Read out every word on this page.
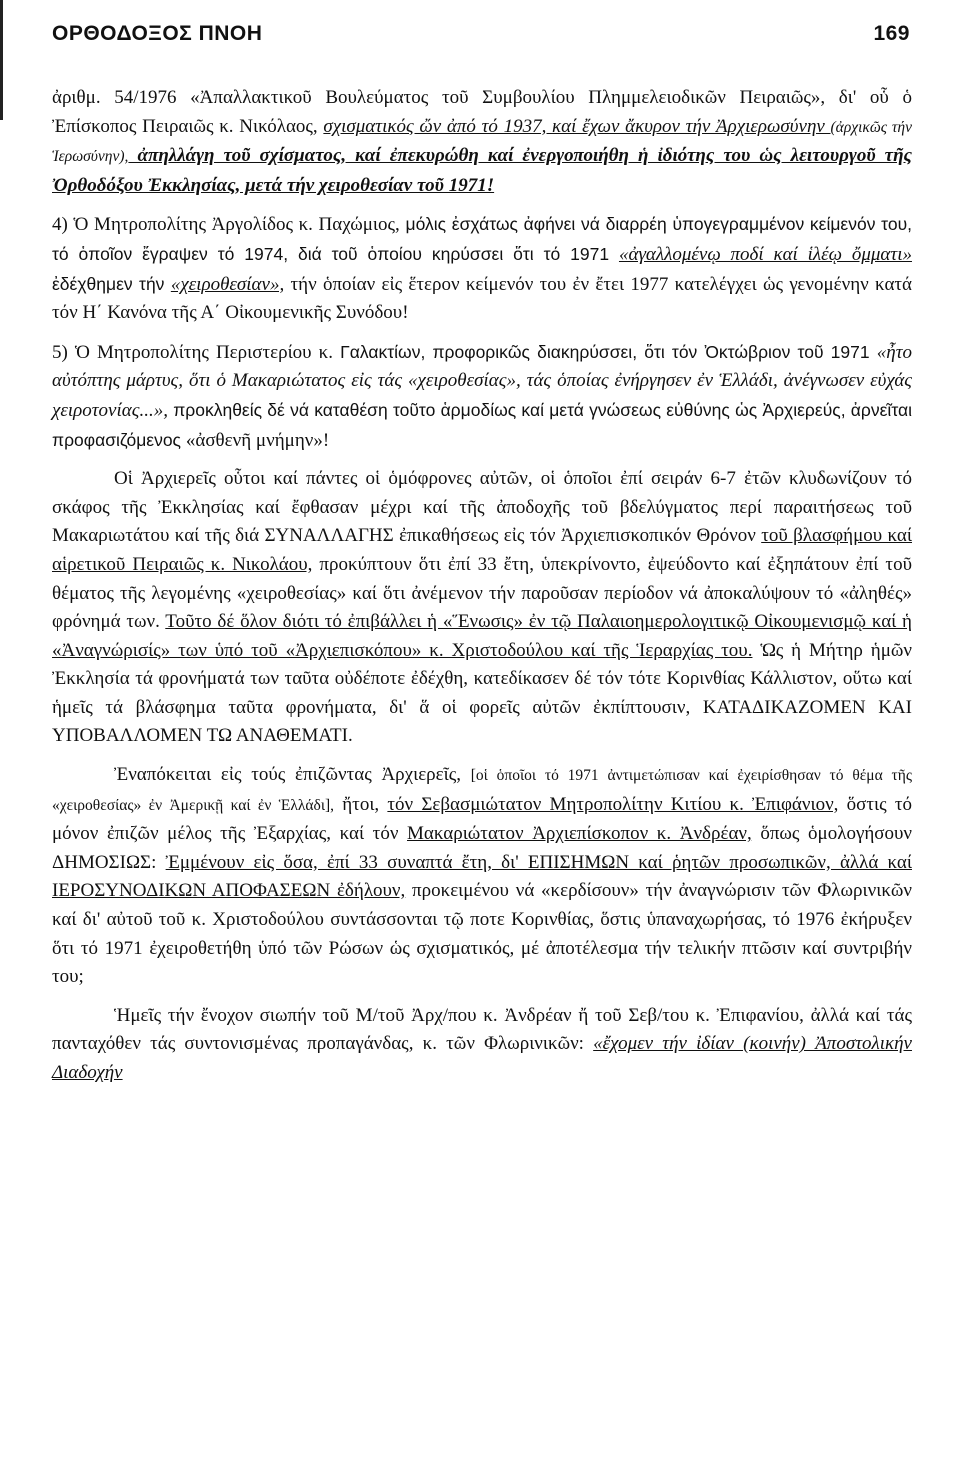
ΟΡΘΟΔΟΞΟΣ ΠΝΟΗ	169

ἀριθμ. 54/1976 «Ἀπαλλακτικοῦ Βουλεύματος τοῦ Συμβουλίου Πλημμελειοδικῶν Πειραιῶς», δι' οὗ ὁ Ἐπίσκοπος Πειραιῶς κ. Νικόλαος, σχισματικός ὤν ἀπό τό 1937, καί ἔχων ἄκυρον τήν Ἀρχιερωσύνην (ἀρχικῶς τήν Ἱερωσύνην), ἀπηλλάγη τοῦ σχίσματος, καί ἐπεκυρώθη καί ἐνεργοποιήθη ἡ ἰδιότης του ὡς λειτουργοῦ τῆς Ὀρθοδόξου Ἐκκλησίας, μετά τήν χειροθεσίαν τοῦ 1971!

4) Ὁ Μητροπολίτης Ἀργολίδος κ. Παχώμιος, μόλις ἐσχάτως ἀφήνει νά διαρρέη ὑπογεγραμμένον κείμενόν του, τό ὁποῖον ἔγραψεν τό 1974, διά τοῦ ὁποίου κηρύσσει ὅτι τό 1971 «ἀγαλλομένῳ ποδί καί ἱλέῳ ὄμματι» ἐδέχθημεν τήν «χειροθεσίαν», τήν ὁποίαν εἰς ἕτερον κείμενόν του ἐν ἔτει 1977 κατελέγχει ὡς γενομένην κατά τόν Η΄ Κανόνα τῆς Α΄ Οἰκουμενικῆς Συνόδου!

5) Ὁ Μητροπολίτης Περιστερίου κ. Γαλακτίων, προφορικῶς διακηρύσσει, ὅτι τόν Ὀκτώβριον τοῦ 1971 «ἦτο αὐτόπτης μάρτυς, ὅτι ὁ Μακαριώτατος εἰς τάς «χειροθεσίας», τάς ὁποίας ἐνήργησεν ἐν Ἑλλάδι, ἀνέγνωσεν εὐχάς χειροτονίας...», προκληθείς δέ νά καταθέση τοῦτο ἁρμοδίως καί μετά γνώσεως εὐθύνης ὡς Ἀρχιερεύς, ἀρνεῖται προφασιζόμενος «ἀσθενῆ μνήμην»!

Οἱ Ἀρχιερεῖς οὗτοι καί πάντες οἱ ὁμόφρονες αὐτῶν, οἱ ὁποῖοι ἐπί σειράν 6-7 ἐτῶν κλυδωνίζουν τό σκάφος τῆς Ἐκκλησίας καί ἔφθασαν μέχρι καί τῆς ἀποδοχῆς τοῦ βδελύγματος περί παραιτήσεως τοῦ Μακαριωτάτου καί τῆς διά ΣΥΝΑΛΛΑΓΗΣ ἐπικαθήσεως εἰς τόν Ἀρχιεπισκοπικόν Θρόνον τοῦ βλασφήμου καί αἱρετικοῦ Πειραιῶς κ. Νικολάου, προκύπτουν ὅτι ἐπί 33 ἔτη, ὑπεκρίνοντο, ἐψεύδοντο καί ἐξηπάτουν ἐπί τοῦ θέματος τῆς λεγομένης «χειροθεσίας» καί ὅτι ἀνέμενον τήν παροῦσαν περίοδον νά ἀποκαλύψουν τό «ἀληθές» φρόνημά των. Τοῦτο δέ ὅλον διότι τό ἐπιβάλλει ἡ «Ἕνωσις» ἐν τῷ Παλαιοημερολογιτικῷ Οἰκουμενισμῷ καί ἡ «Ἀναγνώρισίς» των ὑπό τοῦ «Ἀρχιεπισκόπου» κ. Χριστοδούλου καί τῆς Ἱεραρχίας του. Ὡς ἡ Μήτηρ ἡμῶν Ἐκκλησία τά φρονήματά των ταῦτα οὐδέποτε ἐδέχθη, κατεδίκασεν δέ τόν τότε Κορινθίας Κάλλιστον, οὕτω καί ἡμεῖς τά βλάσφημα ταῦτα φρονήματα, δι' ἅ οἱ φορεῖς αὐτῶν ἐκπίπτουσιν, ΚΑΤΑΔΙΚΑΖΟΜΕΝ ΚΑΙ ΥΠΟΒΑΛΛΟΜΕΝ ΤΩ ΑΝΑΘΕΜΑΤΙ.

Ἐναπόκειται εἰς τούς ἐπιζῶντας Ἀρχιερεῖς, [οἱ ὁποῖοι τό 1971 ἀντιμετώπισαν καί ἐχειρίσθησαν τό θέμα τῆς «χειροθεσίας» ἐν Ἀμερικῇ καί ἐν Ἑλλάδι], ἤτοι, τόν Σεβασμιώτατον Μητροπολίτην Κιτίου κ. Ἐπιφάνιον, ὅστις τό μόνον ἐπιζῶν μέλος τῆς Ἐξαρχίας, καί τόν Μακαριώτατον Ἀρχιεπίσκοπον κ. Ἀνδρέαν, ὅπως ὁμολογήσουν ΔΗΜΟΣΙΩΣ: Ἐμμένουν εἰς ὅσα, ἐπί 33 συναπτά ἔτη, δι' ΕΠΙΣΗΜΩΝ καί ῥητῶν προσωπικῶν, ἀλλά καί ΙΕΡΟΣΥΝΟΔΙΚΩΝ ΑΠΟΦΑΣΕΩΝ ἐδήλουν, προκειμένου νά «κερδίσουν» τήν ἀναγνώρισιν τῶν Φλωρινικῶν καί δι' αὐτοῦ τοῦ κ. Χριστοδούλου συντάσσονται τῷ ποτε Κορινθίας, ὅστις ὑπαναχωρήσας, τό 1976 ἐκήρυξεν ὅτι τό 1971 ἐχειροθετήθη ὑπό τῶν Ρώσων ὡς σχισματικός, μέ ἀποτέλεσμα τήν τελικήν πτῶσιν καί συντριβήν του;

Ἡμεῖς τήν ἔνοχον σιωπήν τοῦ Μ/τοῦ Ἀρχ/που κ. Ἀνδρέαν ἤ τοῦ Σεβ/του κ. Ἐπιφανίου, ἀλλά καί τάς πανταχόθεν τάς συντονισμένας προπαγάνδας, κ. τῶν Φλωρινικῶν: «ἔχομεν τήν ἰδίαν (κοινήν) Ἀποστολικήν Διαδοχήν
